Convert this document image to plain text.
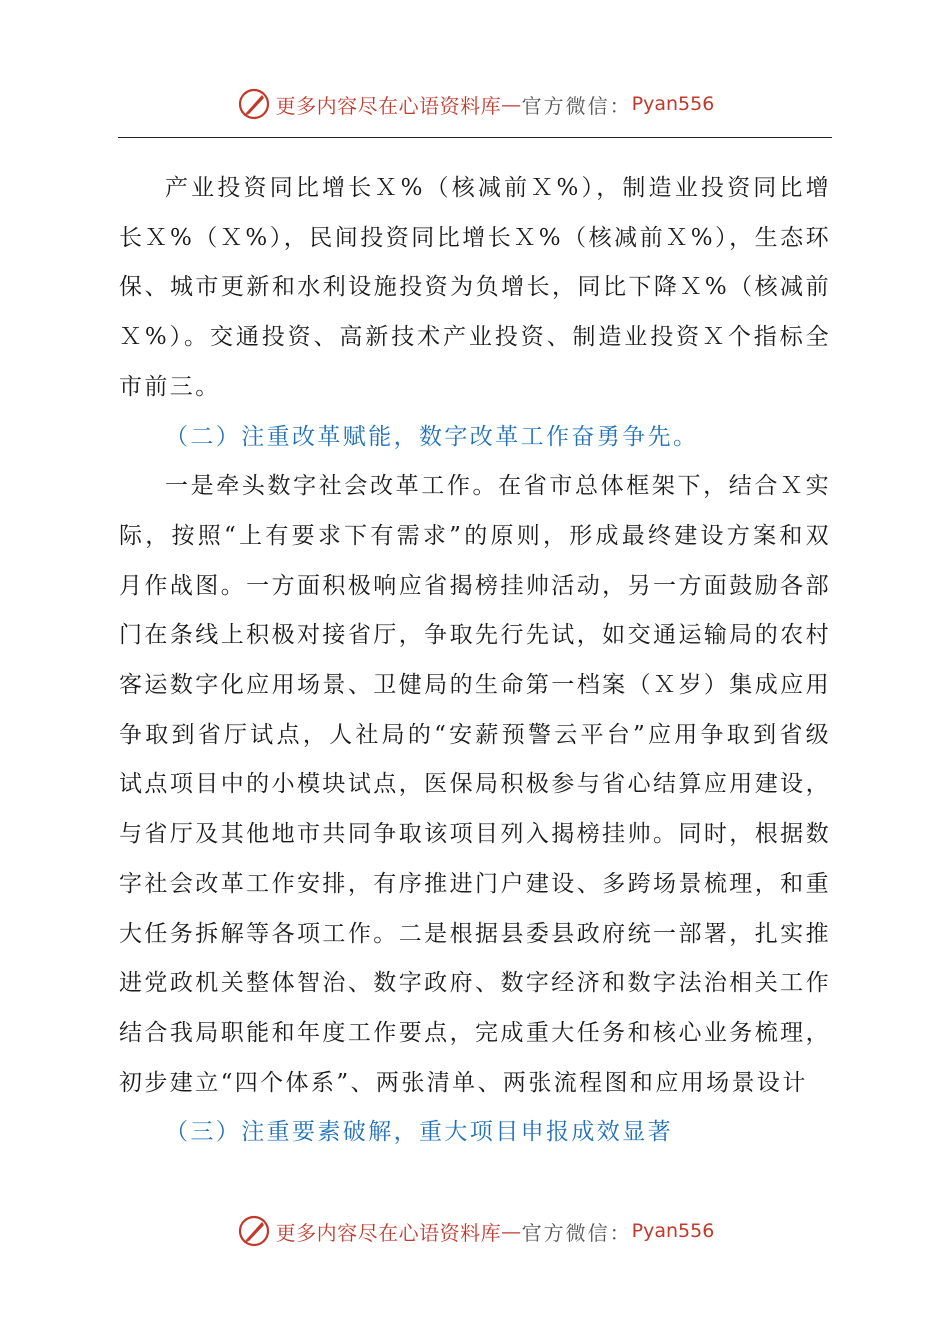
更多内容尽在心语资料库 — 官方微信： Pyan556

产业投资同比增长Ｘ%（核减前Ｘ%），制造业投资同比增长Ｘ%（Ｘ%），民间投资同比增长Ｘ%（核减前Ｘ%），生态环保、城市更新和水利设施投资为负增长，同比下降Ｘ%（核减前Ｘ%）。交通投资、高新技术产业投资、制造业投资Ｘ个指标全市前三。

（二）注重改革赋能，数字改革工作奋勇争先。

一是牵头数字社会改革工作。在省市总体框架下，结合Ｘ实际，按照“上有要求下有需求”的原则，形成最终建设方案和双月作战图。一方面积极响应省揭榜挂帅活动，另一方面鼓励各部门在条线上积极对接省厅，争取先行先试，如交通运输局的农村客运数字化应用场景、卫健局的生命第一档案（Ｘ岁）集成应用争取到省厅试点，人社局的“安薪预警云平台”应用争取到省级试点项目中的小模块试点，医保局积极参与省心结算应用建设，与省厅及其他地市共同争取该项目列入揭榜挂帅。同时，根据数字社会改革工作安排，有序推进门户建设、多跨场景梳理，和重大任务拆解等各项工作。二是根据县委县政府统一部署，扎实推进党政机关整体智治、数字政府、数字经济和数字法治相关工作结合我局职能和年度工作要点，完成重大任务和核心业务梳理，初步建立“四个体系”、两张清单、两张流程图和应用场景设计

（三）注重要素破解，重大项目申报成效显著

更多内容尽在心语资料库 — 官方微信： Pyan556
